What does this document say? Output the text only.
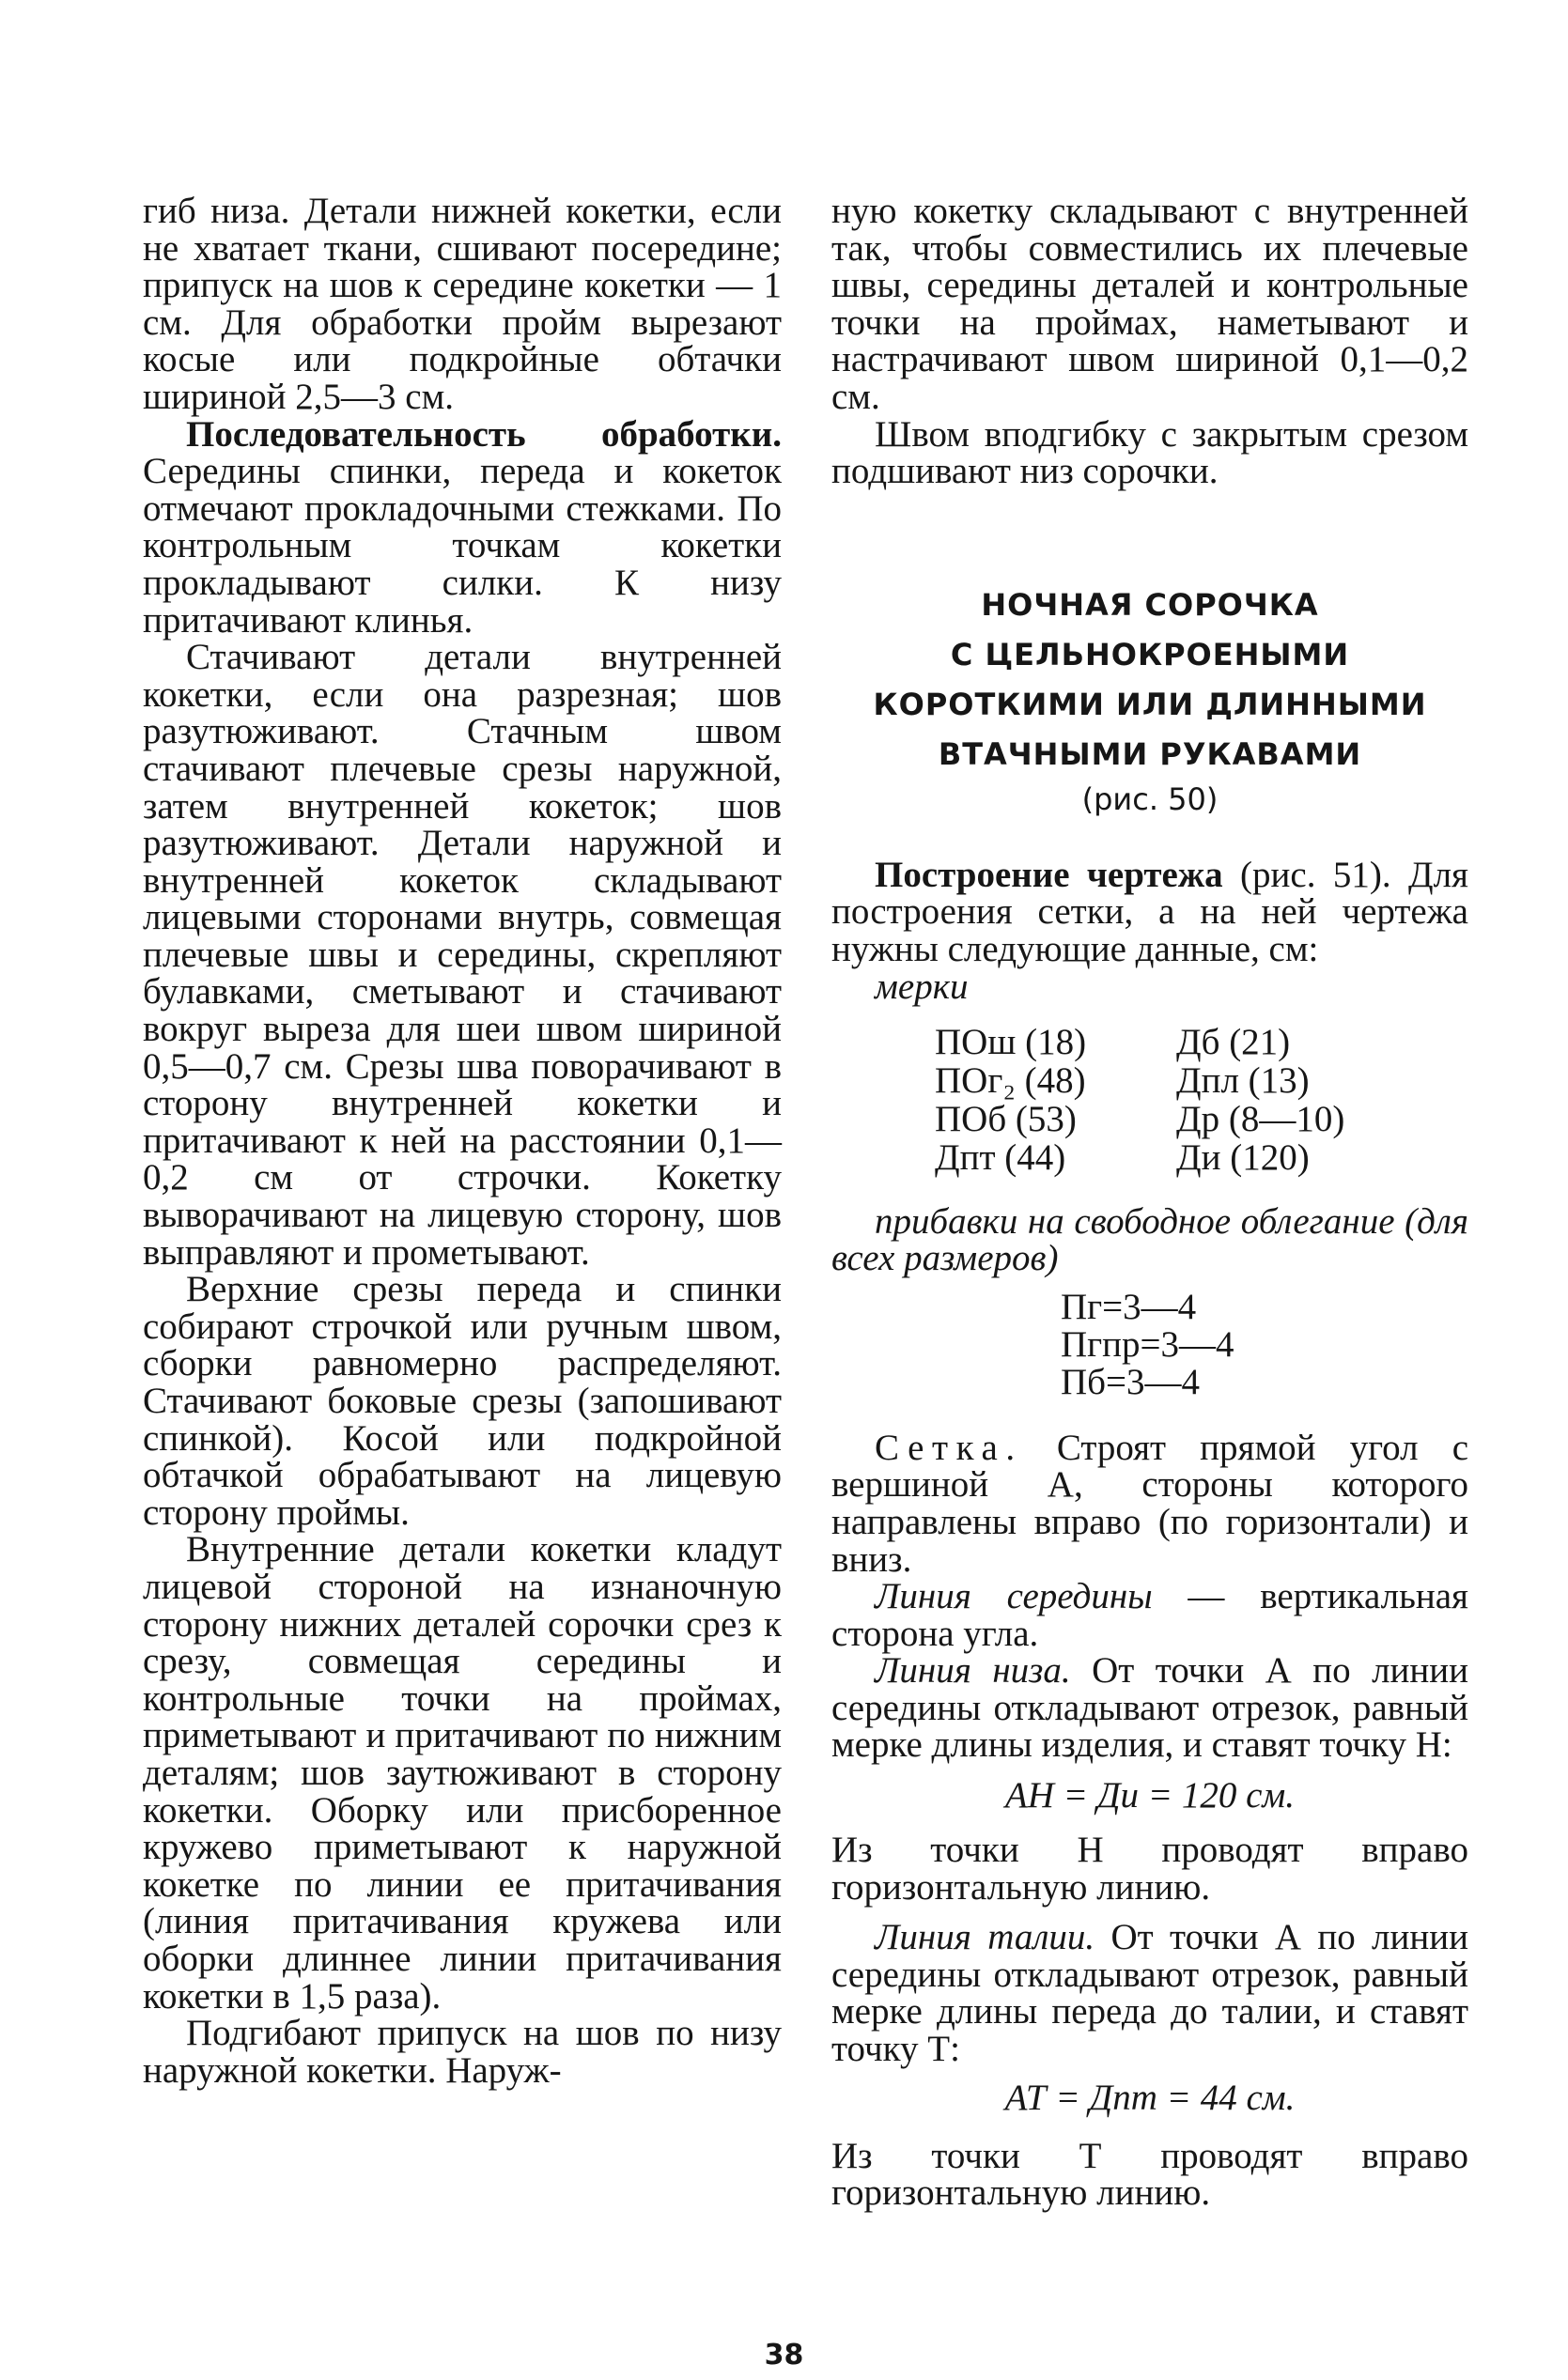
гиб низа. Детали нижней кокетки, если не хватает ткани, сшивают посередине; припуск на шов к середине кокетки — 1 см. Для обработки пройм вырезают косые или подкройные обтачки шириной 2,5—3 см.

Последовательность обработки. Середины спинки, переда и кокеток отмечают прокладочными стежками. По контрольным точкам кокетки прокладывают силки. К низу притачивают клинья.

Стачивают детали внутренней кокетки, если она разрезная; шов разутюживают. Стачным швом стачивают плечевые срезы наружной, затем внутренней кокеток; шов разутюживают. Детали наружной и внутренней кокеток складывают лицевыми сторонами внутрь, совмещая плечевые швы и середины, скрепляют булавками, сметывают и стачивают вокруг выреза для шеи швом шириной 0,5—0,7 см. Срезы шва поворачивают в сторону внутренней кокетки и притачивают к ней на расстоянии 0,1—0,2 см от строчки. Кокетку выворачивают на лицевую сторону, шов выправляют и прометывают.

Верхние срезы переда и спинки собирают строчкой или ручным швом, сборки равномерно распределяют. Стачивают боковые срезы (запошивают спинкой). Косой или подкройной обтачкой обрабатывают на лицевую сторону проймы.

Внутренние детали кокетки кладут лицевой стороной на изнаночную сторону нижних деталей сорочки срез к срезу, совмещая середины и контрольные точки на проймах, приметывают и притачивают по нижним деталям; шов заутюживают в сторону кокетки. Оборку или присборенное кружево приметывают к наружной кокетке по линии ее притачивания (линия притачивания кружева или оборки длиннее линии притачивания кокетки в 1,5 раза).

Подгибают припуск на шов по низу наружной кокетки. Наруж-

ную кокетку складывают с внутренней так, чтобы совместились их плечевые швы, середины деталей и контрольные точки на проймах, наметывают и настрачивают швом шириной 0,1—0,2 см.

Швом вподгибку с закрытым срезом подшивают низ сорочки.

НОЧНАЯ СОРОЧКА
С ЦЕЛЬНОКРОЕНЫМИ
КОРОТКИМИ ИЛИ ДЛИННЫМИ
ВТАЧНЫМИ РУКАВАМИ
(рис. 50)

Построение чертежа (рис. 51). Для построения сетки, а на ней чертежа нужны следующие данные, см:

мерки

ПОш (18)	Дб (21)
ПОг₂ (48)	Дпл (13)
ПОб (53)	Др (8—10)
Дпт (44)	Ди (120)

прибавки на свободное облегание (для всех размеров)

Пг=3—4
Пгпр=3—4
Пб=3—4

Сетка. Строят прямой угол с вершиной А, стороны которого направлены вправо (по горизонтали) и вниз.

Линия середины — вертикальная сторона угла.

Линия низа. От точки А по линии середины откладывают отрезок, равный мерке длины изделия, и ставят точку Н:

АН = Ди = 120 см.

Из точки Н проводят вправо горизонтальную линию.

Линия талии. От точки А по линии середины откладывают отрезок, равный мерке длины переда до талии, и ставят точку Т:

АТ = Дпт = 44 см.

Из точки Т проводят вправо горизонтальную линию.

38
